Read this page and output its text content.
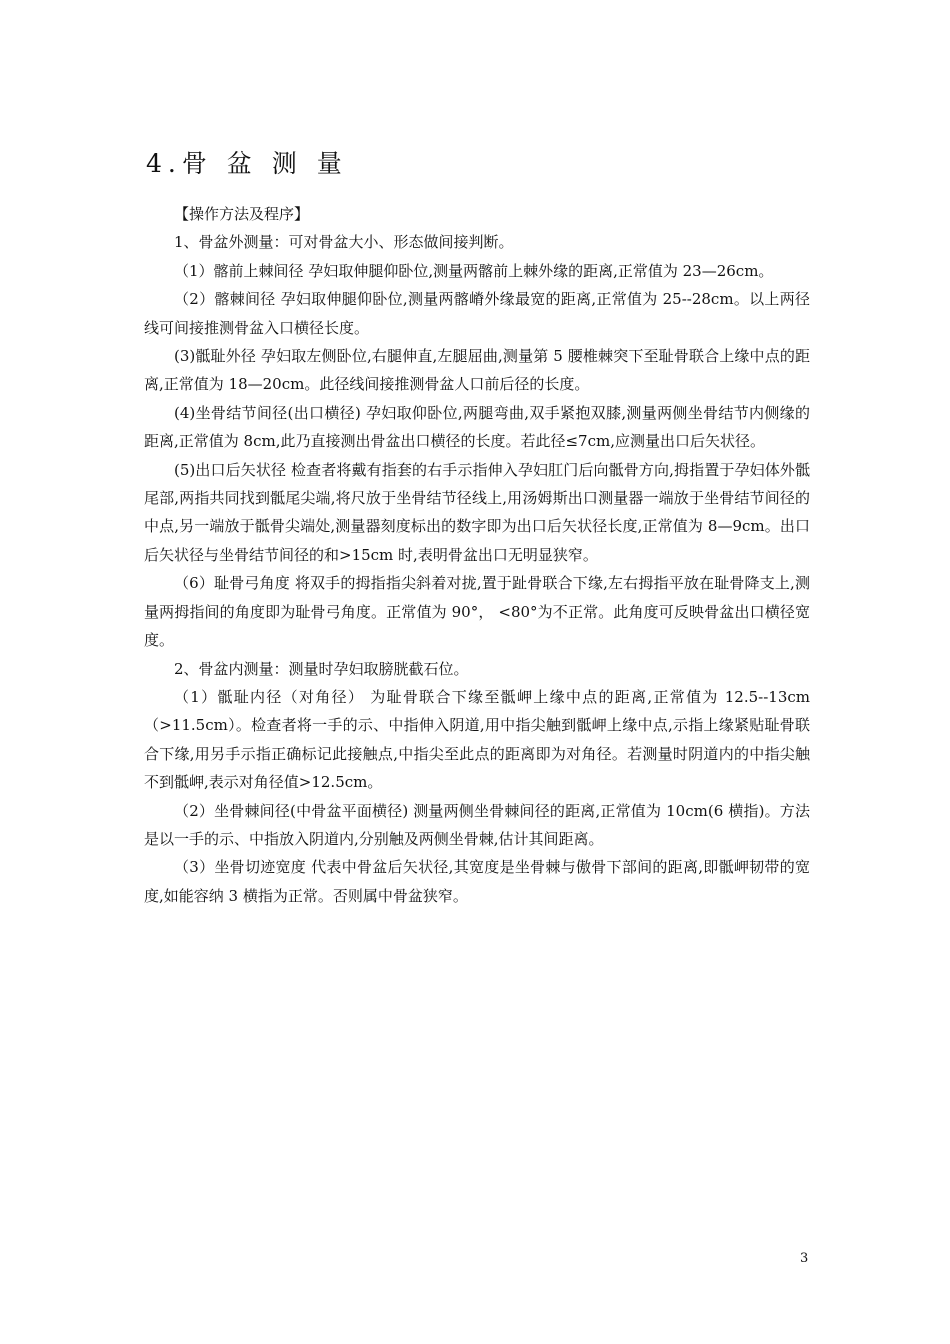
4.骨 盆 测 量

【操作方法及程序】

1、骨盆外测量：可对骨盆大小、形态做间接判断。

（1）髂前上棘间径 孕妇取伸腿仰卧位,测量两髂前上棘外缘的距离,正常值为 23—26cm。

（2）髂棘间径 孕妇取伸腿仰卧位,测量两髂嵴外缘最宽的距离,正常值为 25--28cm。以上两径线可间接推测骨盆入口横径长度。

(3)骶耻外径 孕妇取左侧卧位,右腿伸直,左腿屈曲,测量第 5 腰椎棘突下至耻骨联合上缘中点的距离,正常值为 18—20cm。此径线间接推测骨盆人口前后径的长度。

(4)坐骨结节间径(出口横径) 孕妇取仰卧位,两腿弯曲,双手紧抱双膝,测量两侧坐骨结节内侧缘的距离,正常值为 8cm,此乃直接测出骨盆出口横径的长度。若此径≤7cm,应测量出口后矢状径。

(5)出口后矢状径 检查者将戴有指套的右手示指伸入孕妇肛门后向骶骨方向,拇指置于孕妇体外骶尾部,两指共同找到骶尾尖端,将尺放于坐骨结节径线上,用汤姆斯出口测量器一端放于坐骨结节间径的中点,另一端放于骶骨尖端处,测量器刻度标出的数字即为出口后矢状径长度,正常值为 8—9cm。出口后矢状径与坐骨结节间径的和>15cm 时,表明骨盆出口无明显狭窄。

（6）耻骨弓角度 将双手的拇指指尖斜着对拢,置于趾骨联合下缘,左右拇指平放在耻骨降支上,测量两拇指间的角度即为耻骨弓角度。正常值为 90°， <80°为不正常。此角度可反映骨盆出口横径宽度。

2、骨盆内测量：测量时孕妇取膀胱截石位。

（1）骶耻内径（对角径） 为耻骨联合下缘至骶岬上缘中点的距离,正常值为 12.5--13cm（>11.5cm）。检查者将一手的示、中指伸入阴道,用中指尖触到骶岬上缘中点,示指上缘紧贴耻骨联合下缘,用另手示指正确标记此接触点,中指尖至此点的距离即为对角径。若测量时阴道内的中指尖触不到骶岬,表示对角径值>12.5cm。

（2）坐骨棘间径(中骨盆平面横径) 测量两侧坐骨棘间径的距离,正常值为 10cm(6 横指)。方法是以一手的示、中指放入阴道内,分别触及两侧坐骨棘,估计其间距离。

（3）坐骨切迹宽度 代表中骨盆后矢状径,其宽度是坐骨棘与傲骨下部间的距离,即骶岬韧带的宽度,如能容纳 3 横指为正常。否则属中骨盆狭窄。

3
